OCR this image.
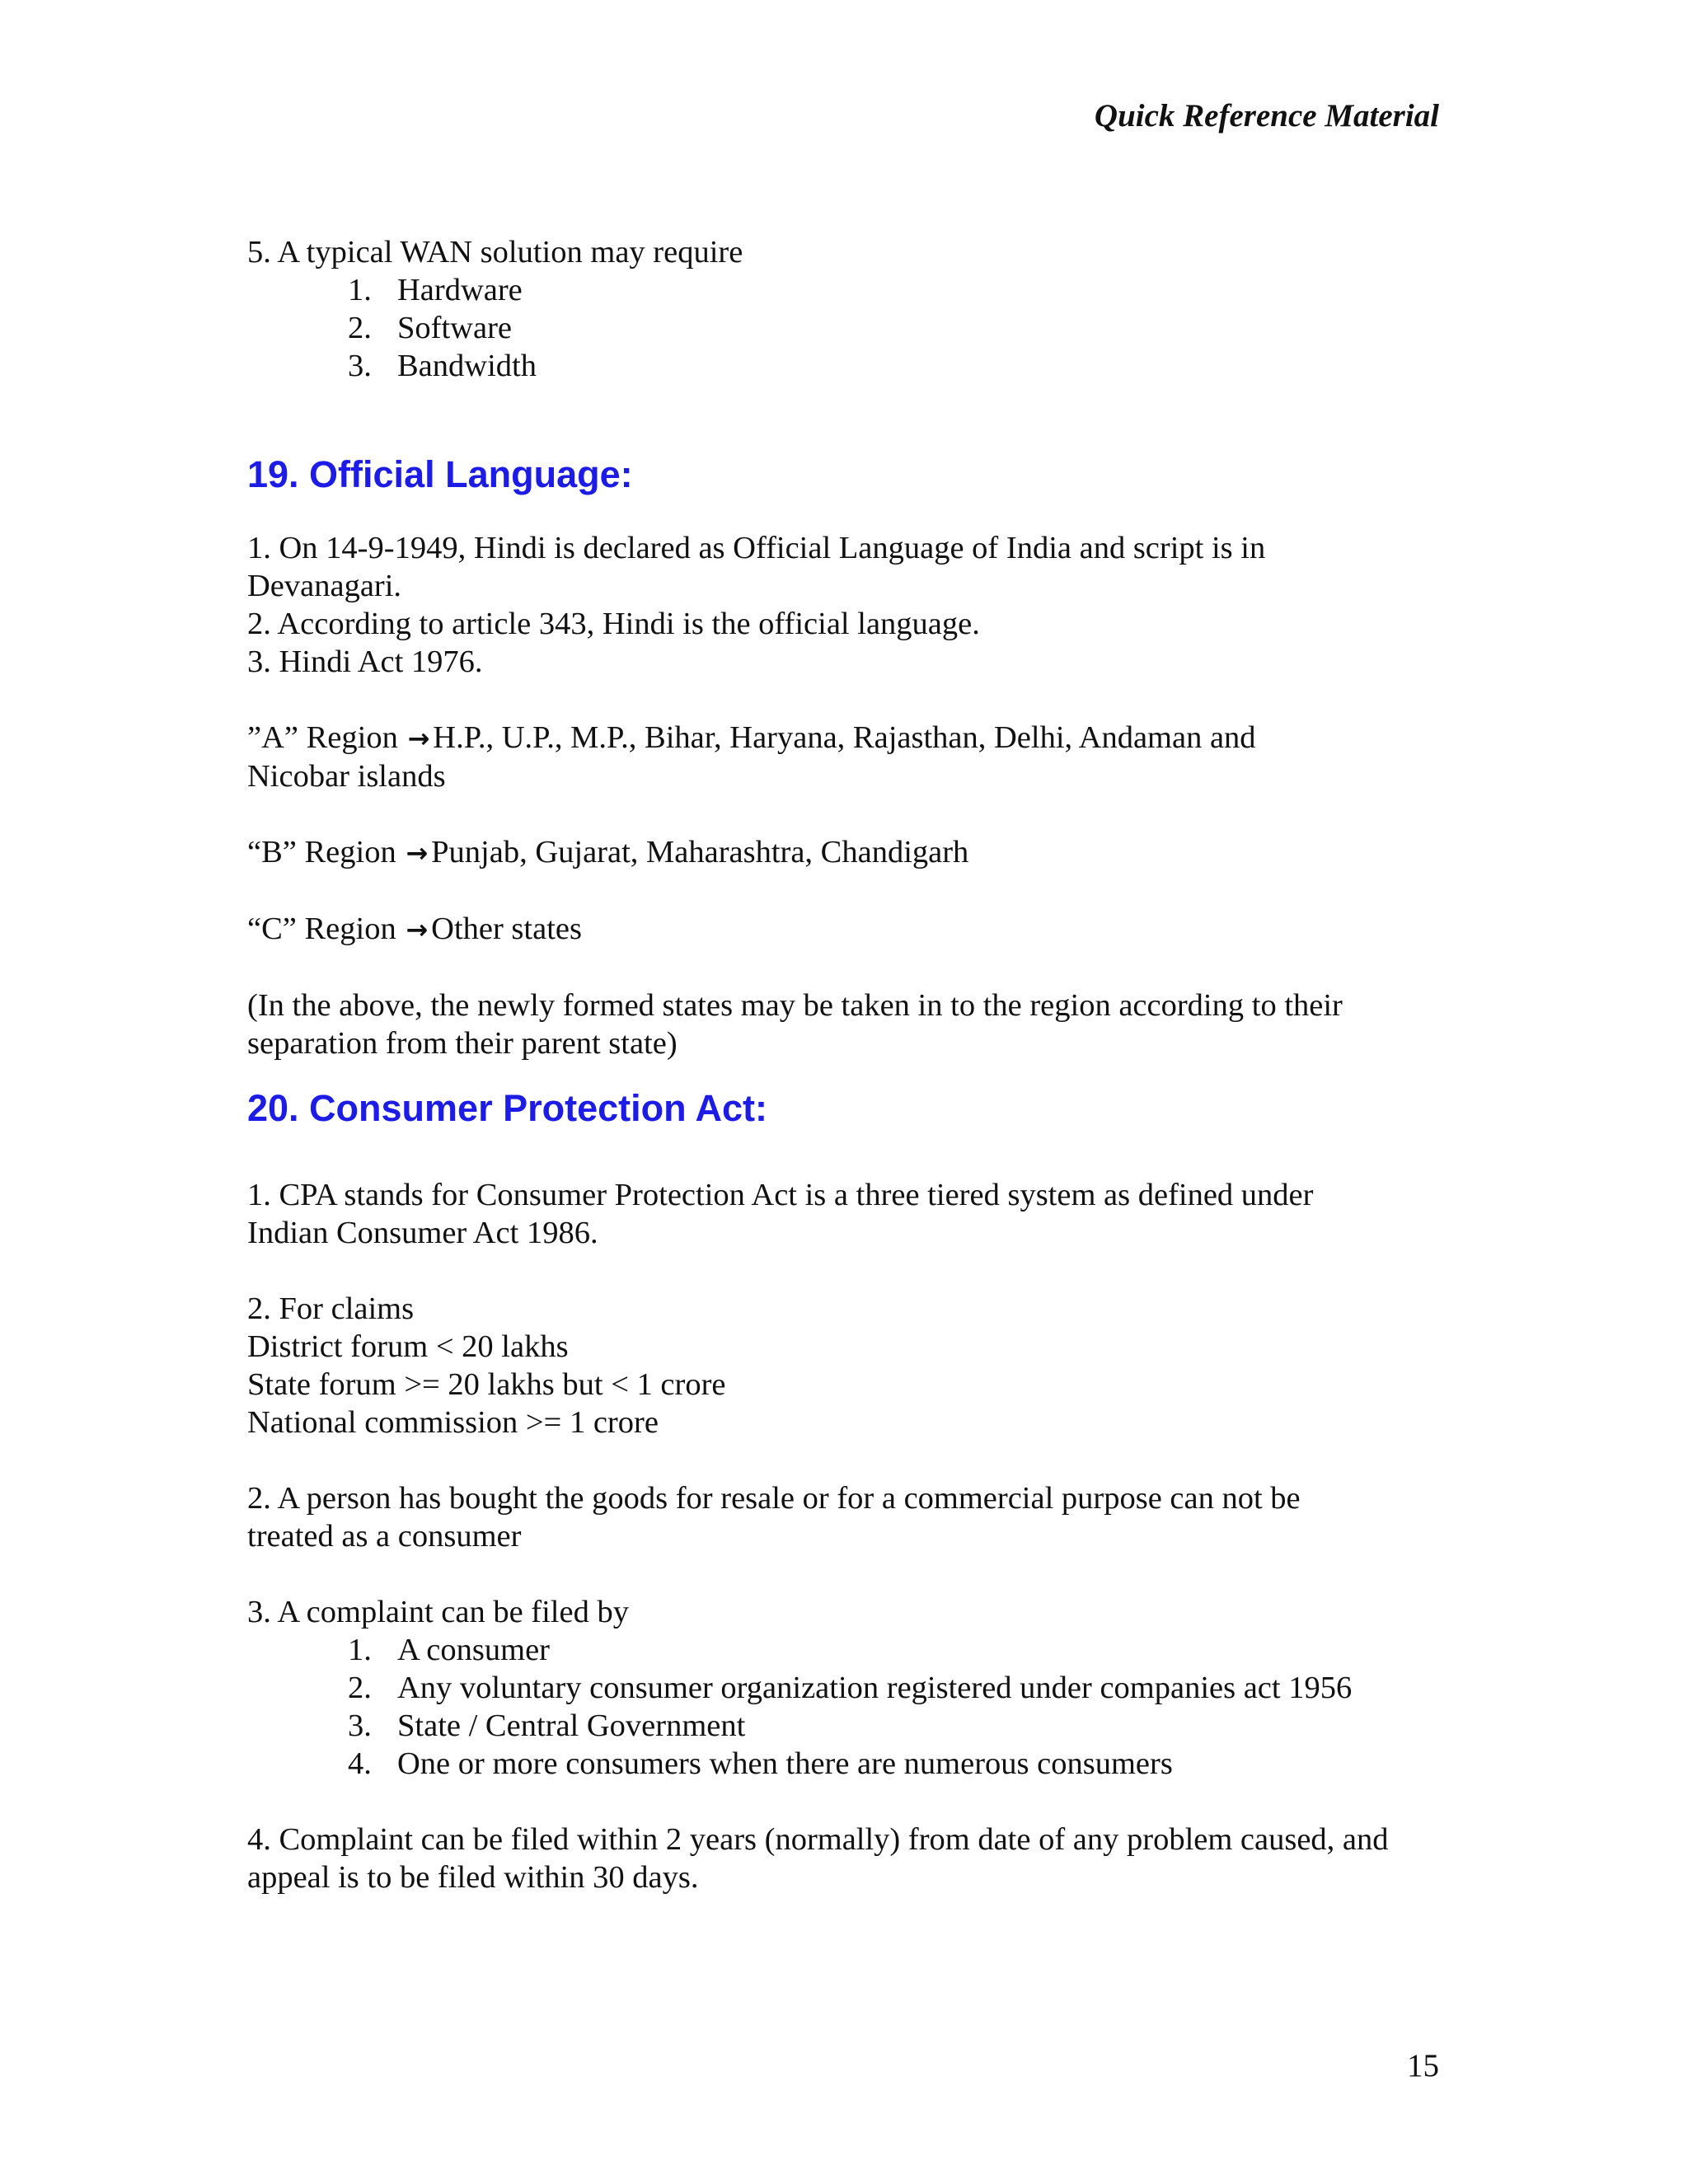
Quick Reference Material

5. A typical WAN solution may require

1. Hardware
2. Software
3. Bandwidth
19. Official Language:

1. On 14-9-1949, Hindi is declared as Official Language of India and script is in

Devanagari.

2. According to article 343, Hindi is the official language.

3. Hindi Act 1976.

”A” Region → H.P., U.P., M.P., Bihar, Haryana, Rajasthan, Delhi, Andaman and

Nicobar islands

“B” Region → Punjab, Gujarat, Maharashtra, Chandigarh

“C” Region → Other states

(In the above, the newly formed states may be taken in to the region according to their

separation from their parent state)

20. Consumer Protection Act:

1. CPA stands for Consumer Protection Act is a three tiered system as defined under

Indian Consumer Act 1986.

2. For claims

District forum < 20 lakhs

State forum >= 20 lakhs but < 1 crore

National commission >= 1 crore

2. A person has bought the goods for resale or for a commercial purpose can not be

treated as a consumer

3. A complaint can be filed by

1. A consumer
2. Any voluntary consumer organization registered under companies act 1956
3. State / Central Government
4. One or more consumers when there are numerous consumers

4. Complaint can be filed within 2 years (normally) from date of any problem caused, and

appeal is to be filed within 30 days.

15
